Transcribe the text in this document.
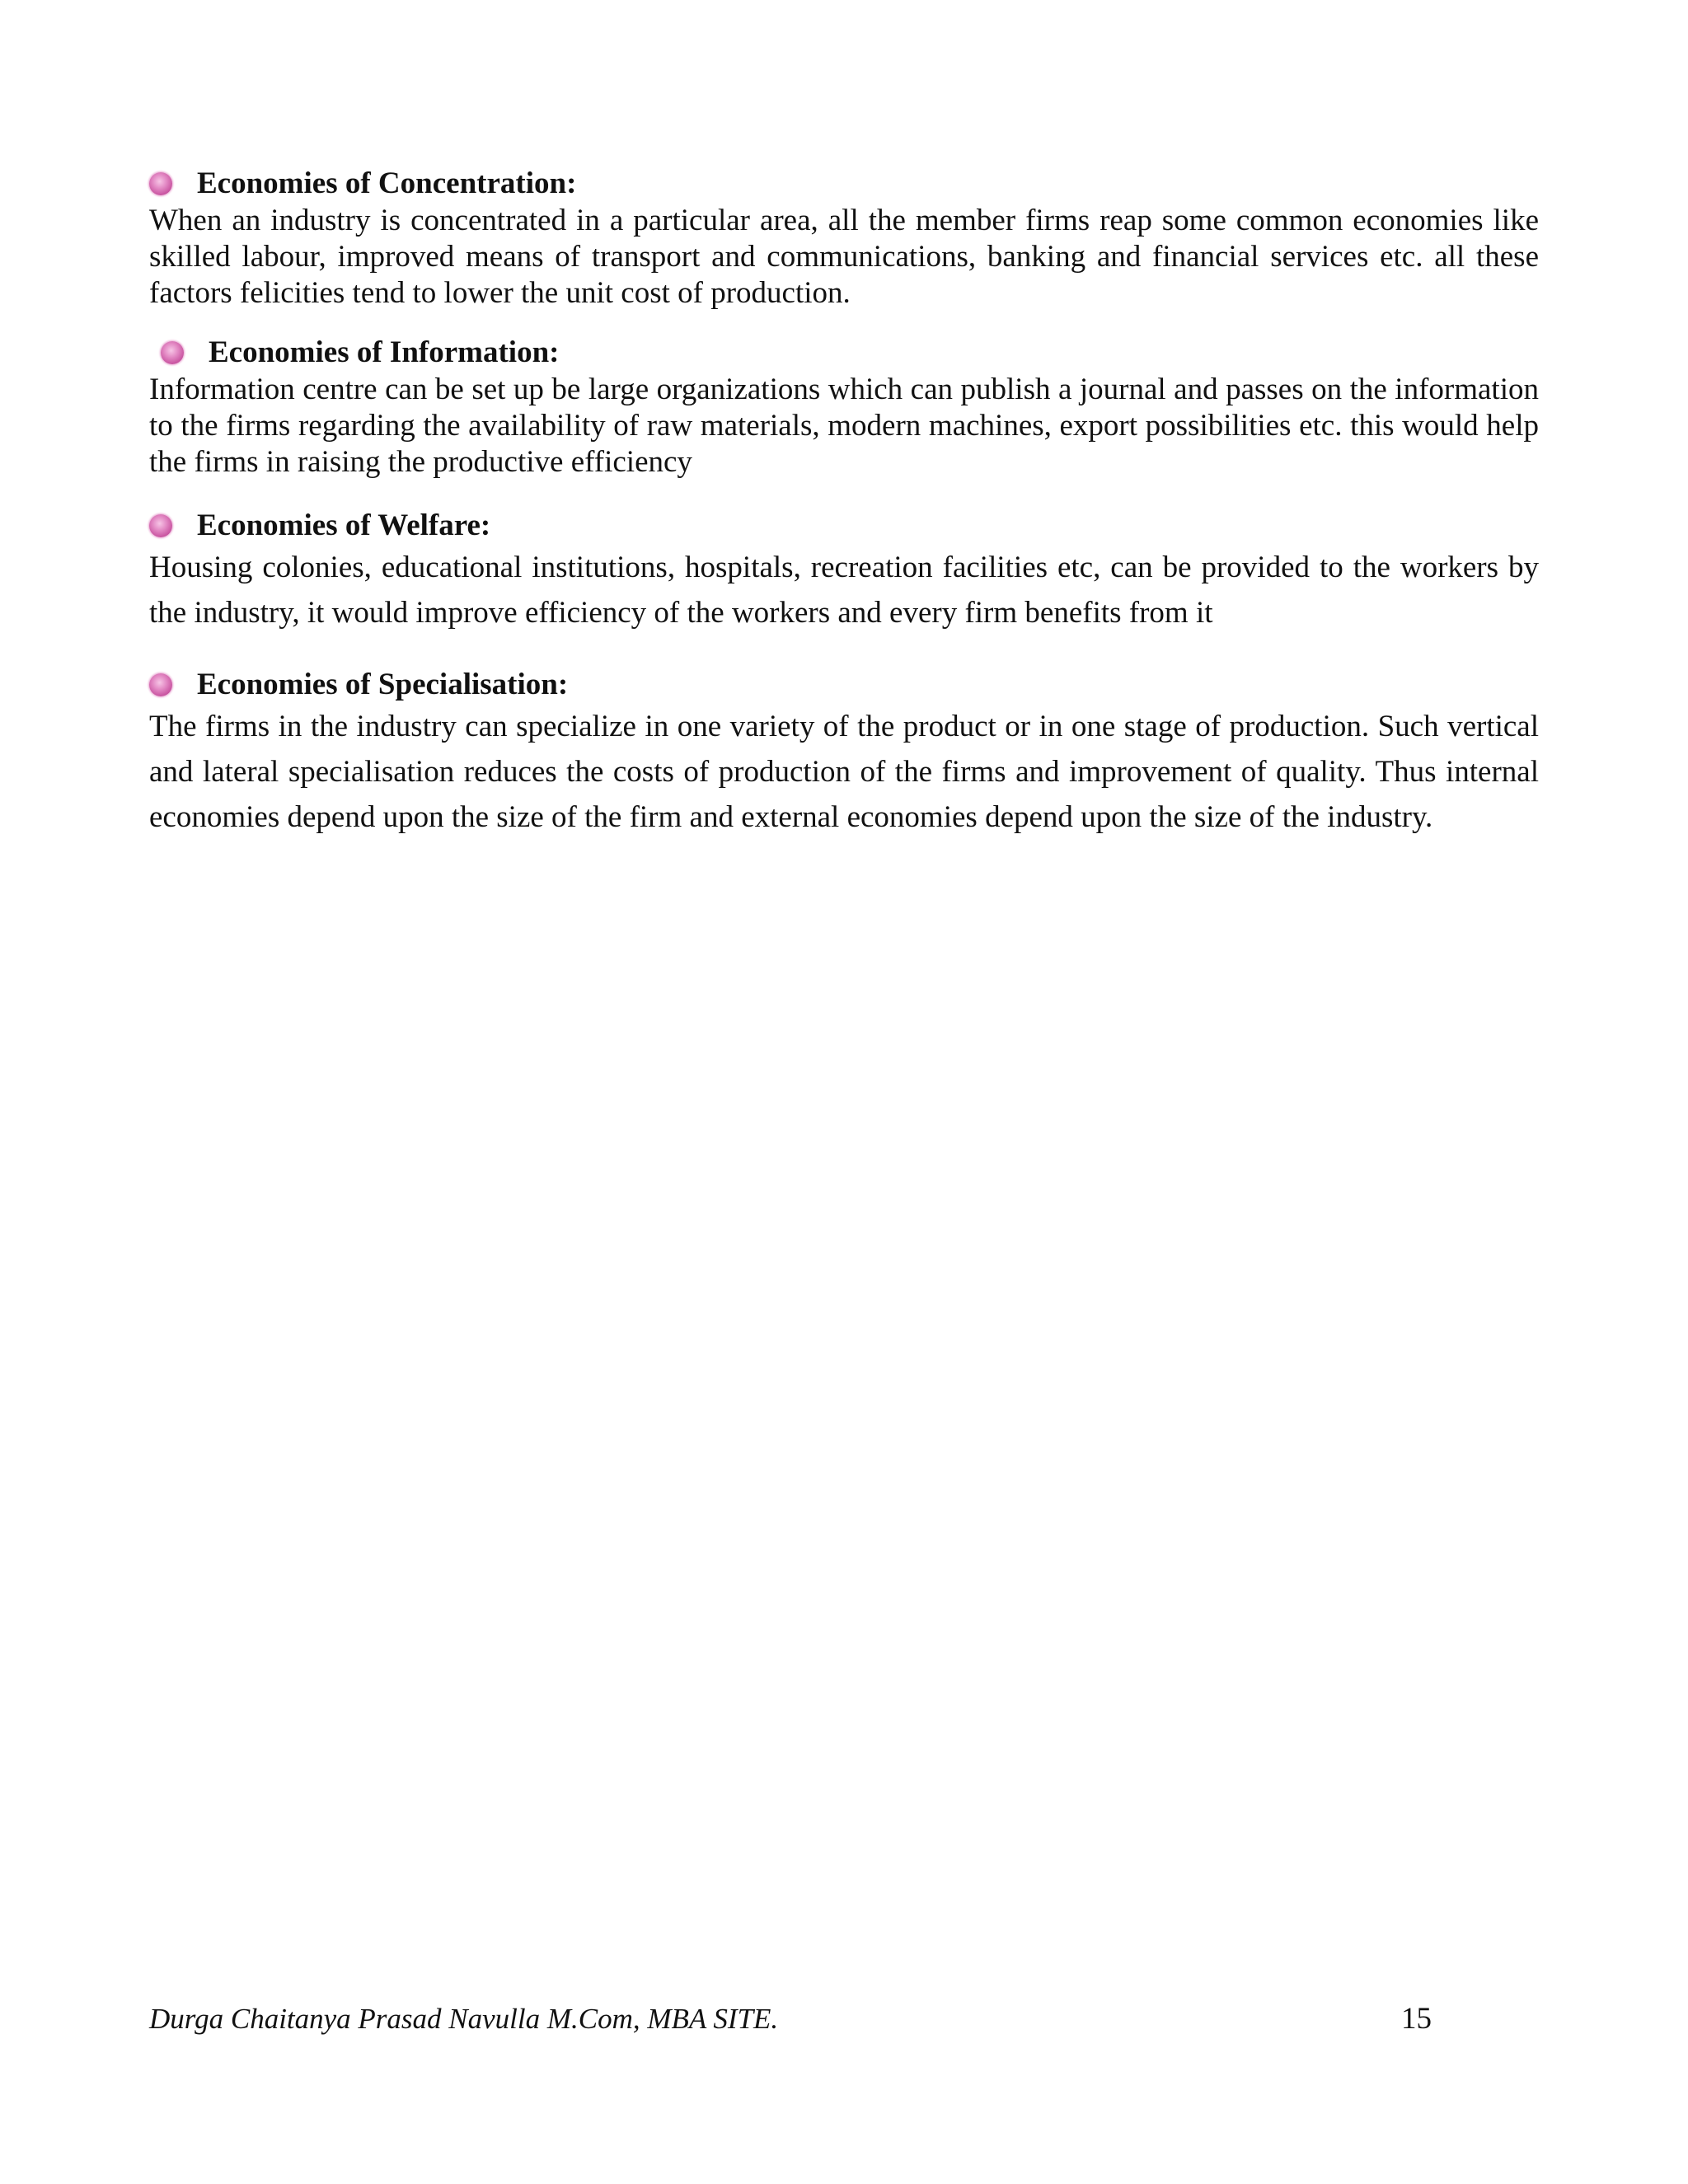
Economies of Concentration:
When an industry is concentrated in a particular area, all the member firms reap some common economies like skilled labour, improved means of transport and communications, banking and financial services etc. all these factors felicities tend to lower the unit cost of production.
Economies of Information:
Information centre can be set up be large organizations which can publish a journal and passes on the information to the firms regarding the availability of raw materials, modern machines, export possibilities etc. this would help the firms in raising the productive efficiency
Economies of Welfare:
Housing colonies, educational institutions, hospitals, recreation facilities etc, can be provided to the workers by the industry, it would improve efficiency of the workers and every firm benefits from it
Economies of Specialisation:
The firms in the industry can specialize in one variety of the product or in one stage of production. Such vertical and lateral specialisation reduces the costs of production of the firms and improvement of quality. Thus internal economies depend upon the size of the firm and external economies depend upon the size of the industry.
Durga Chaitanya Prasad Navulla M.Com, MBA SITE.	15
